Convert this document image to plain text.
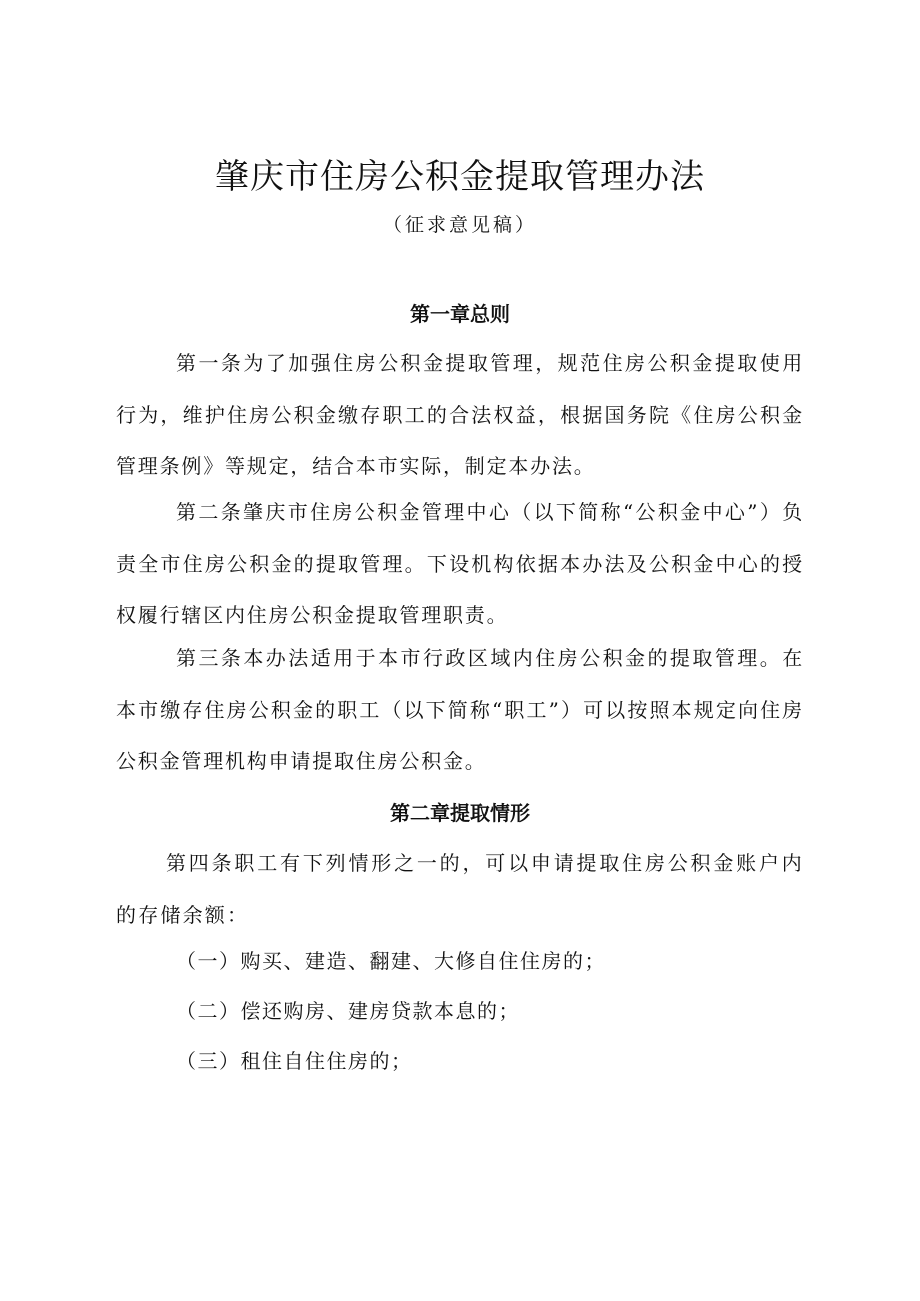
肇庆市住房公积金提取管理办法
（征求意见稿）
第一章总则

第一条为了加强住房公积金提取管理，规范住房公积金提取使用行为，维护住房公积金缴存职工的合法权益，根据国务院《住房公积金管理条例》等规定，结合本市实际，制定本办法。

第二条肇庆市住房公积金管理中心（以下简称“公积金中心”）负责全市住房公积金的提取管理。下设机构依据本办法及公积金中心的授权履行辖区内住房公积金提取管理职责。

第三条本办法适用于本市行政区域内住房公积金的提取管理。在本市缴存住房公积金的职工（以下简称“职工”）可以按照本规定向住房公积金管理机构申请提取住房公积金。

第二章提取情形

第四条职工有下列情形之一的，可以申请提取住房公积金账户内的存储余额：

（一）购买、建造、翻建、大修自住住房的；

（二）偿还购房、建房贷款本息的；

（三）租住自住住房的；
